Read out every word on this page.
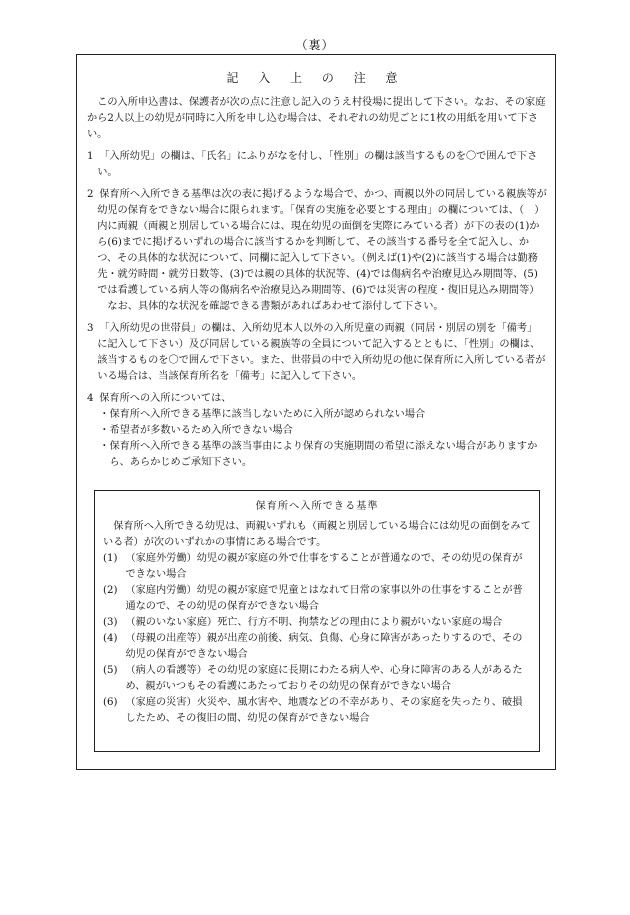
（裏）
記 入 上 の 注 意

この入所申込書は、保護者が次の点に注意し記入のうえ村役場に提出して下さい。なお、その家庭から2人以上の幼児が同時に入所を申し込む場合は、それぞれの幼児ごとに1枚の用紙を用いて下さい。

1 「入所幼児」の欄は、「氏名」にふりがなを付し、「性別」の欄は該当するものを〇で囲んで下さい。

2 保育所へ入所できる基準は次の表に掲げるような場合で、かつ、両親以外の同居している親族等が幼児の保育をできない場合に限られます。「保育の実施を必要とする理由」の欄については、（　）内に両親（両親と別居している場合には、現在幼児の面倒を実際にみている者）が下の表の(1)から(6)までに掲げるいずれの場合に該当するかを判断して、その該当する番号を全て記入し、かつ、その具体的な状況について、同欄に記入して下さい。（例えば(1)や(2)に該当する場合は勤務先・就労時間・就労日数等、(3)では親の具体的状況等、(4)では傷病名や治療見込み期間等、(5)では看護している病人等の傷病名や治療見込み期間等、(6)では災害の程度・復旧見込み期間等）

なお、具体的な状況を確認できる書類があればあわせて添付して下さい。

3 「入所幼児の世帯員」の欄は、入所幼児本人以外の入所児童の両親（同居・別居の別を「備考」に記入して下さい）及び同居している親族等の全員について記入するとともに、「性別」の欄は、該当するものを〇で囲んで下さい。また、世帯員の中で入所幼児の他に保育所に入所している者がいる場合は、当該保育所名を「備考」に記入して下さい。

4 保育所への入所については、

・保育所へ入所できる基準に該当しないために入所が認められない場合
・希望者が多数いるため入所できない場合
・保育所へ入所できる基準の該当事由により保育の実施期間の希望に添えない場合がありますから、あらかじめご承知下さい。
保育所へ入所できる基準

保育所へ入所できる幼児は、両親いずれも（両親と別居している場合には幼児の面倒をみている者）が次のいずれかの事情にある場合です。

(1) （家庭外労働）幼児の親が家庭の外で仕事をすることが普通なので、その幼児の保育ができない場合

(2) （家庭内労働）幼児の親が家庭で児童とはなれて日常の家事以外の仕事をすることが普通なので、その幼児の保育ができない場合

(3) （親のいない家庭）死亡、行方不明、拘禁などの理由により親がいない家庭の場合

(4) （母親の出産等）親が出産の前後、病気、負傷、心身に障害があったりするので、その幼児の保育ができない場合

(5) （病人の看護等）その幼児の家庭に長期にわたる病人や、心身に障害のある人があるため、親がいつもその看護にあたっておりその幼児の保育ができない場合

(6) （家庭の災害）火災や、風水害や、地震などの不幸があり、その家庭を失ったり、破損したため、その復旧の間、幼児の保育ができない場合
